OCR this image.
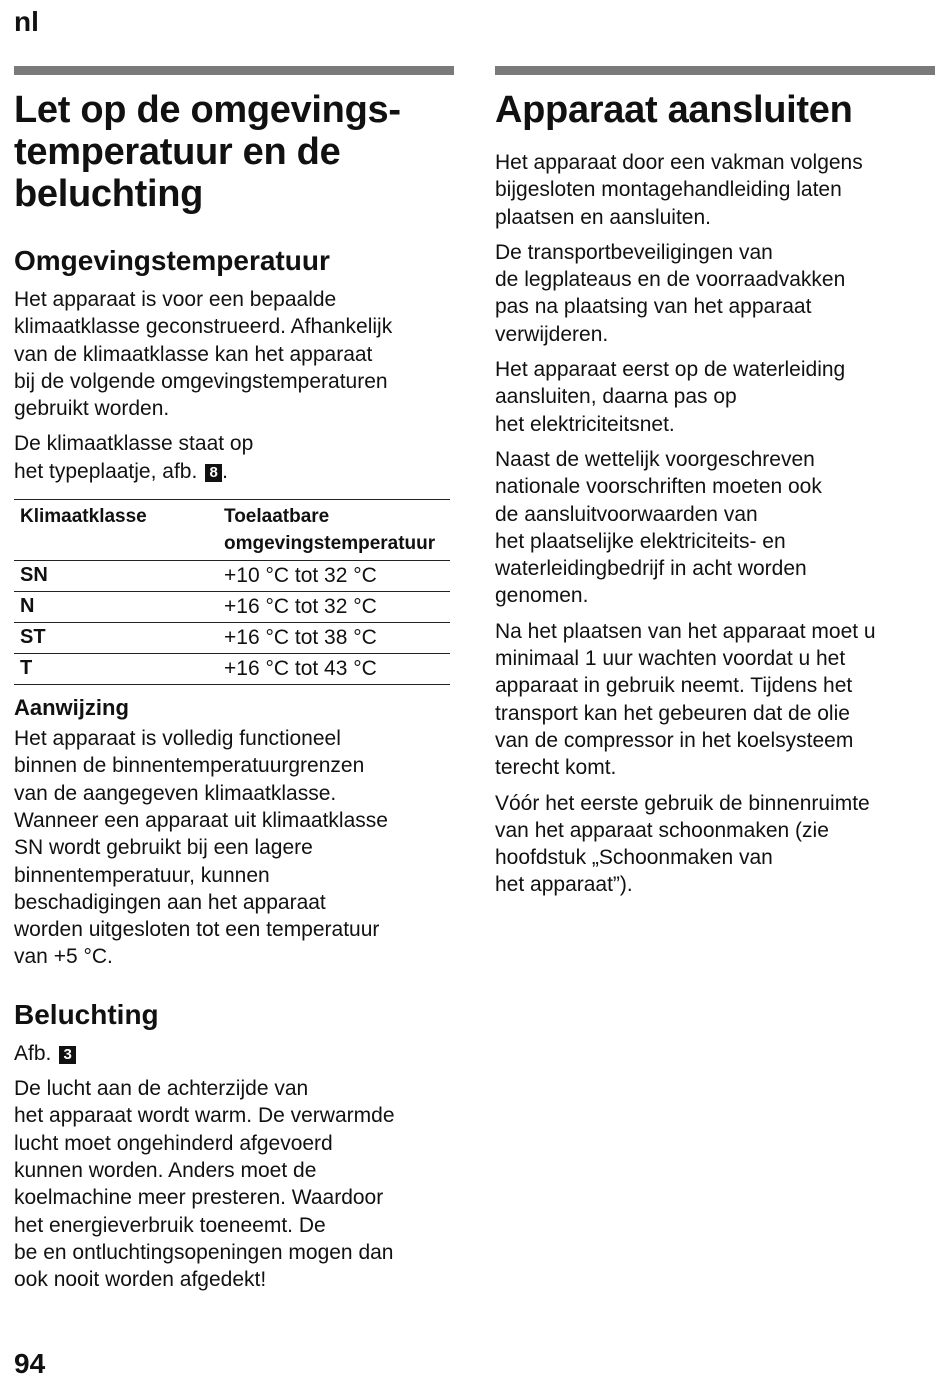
nl
Let op de omgevings-
temperatuur en de
beluchting
Omgevingstemperatuur

Het apparaat is voor een bepaalde
klimaatklasse geconstrueerd. Afhankelijk
van de klimaatklasse kan het apparaat
bij de volgende omgevingstemperaturen
gebruikt worden.

De klimaatklasse staat op
het typeplaatje, afb. 8 .

Klimaatklasse	Toelaatbare
omgevingstemperatuur
SN	+10 °C tot 32 °C
N	+16 °C tot 32 °C
ST	+16 °C tot 38 °C
T	+16 °C tot 43 °C
Aanwijzing

Het apparaat is volledig functioneel
binnen de binnentemperatuurgrenzen
van de aangegeven klimaatklasse.
Wanneer een apparaat uit klimaatklasse
SN wordt gebruikt bij een lagere
binnentemperatuur, kunnen
beschadigingen aan het apparaat
worden uitgesloten tot een temperatuur
van +5 °C.

Beluchting

Afb. 3

De lucht aan de achterzijde van
het apparaat wordt warm. De verwarmde
lucht moet ongehinderd afgevoerd
kunnen worden. Anders moet de
koelmachine meer presteren. Waardoor
het energieverbruik toeneemt. De
be en ontluchtingsopeningen mogen dan
ook nooit worden afgedekt!

Apparaat aansluiten

Het apparaat door een vakman volgens
bijgesloten montagehandleiding laten
plaatsen en aansluiten.

De transportbeveiligingen van
de legplateaus en de voorraadvakken
pas na plaatsing van het apparaat
verwijderen.

Het apparaat eerst op de waterleiding
aansluiten, daarna pas op
het elektriciteitsnet.

Naast de wettelijk voorgeschreven
nationale voorschriften moeten ook
de aansluitvoorwaarden van
het plaatselijke elektriciteits- en
waterleidingbedrijf in acht worden
genomen.

Na het plaatsen van het apparaat moet u
minimaal 1 uur wachten voordat u het
apparaat in gebruik neemt. Tijdens het
transport kan het gebeuren dat de olie
van de compressor in het koelsysteem
terecht komt.

Vóór het eerste gebruik de binnenruimte
van het apparaat schoonmaken (zie
hoofdstuk „Schoonmaken van
het apparaat”).

94
